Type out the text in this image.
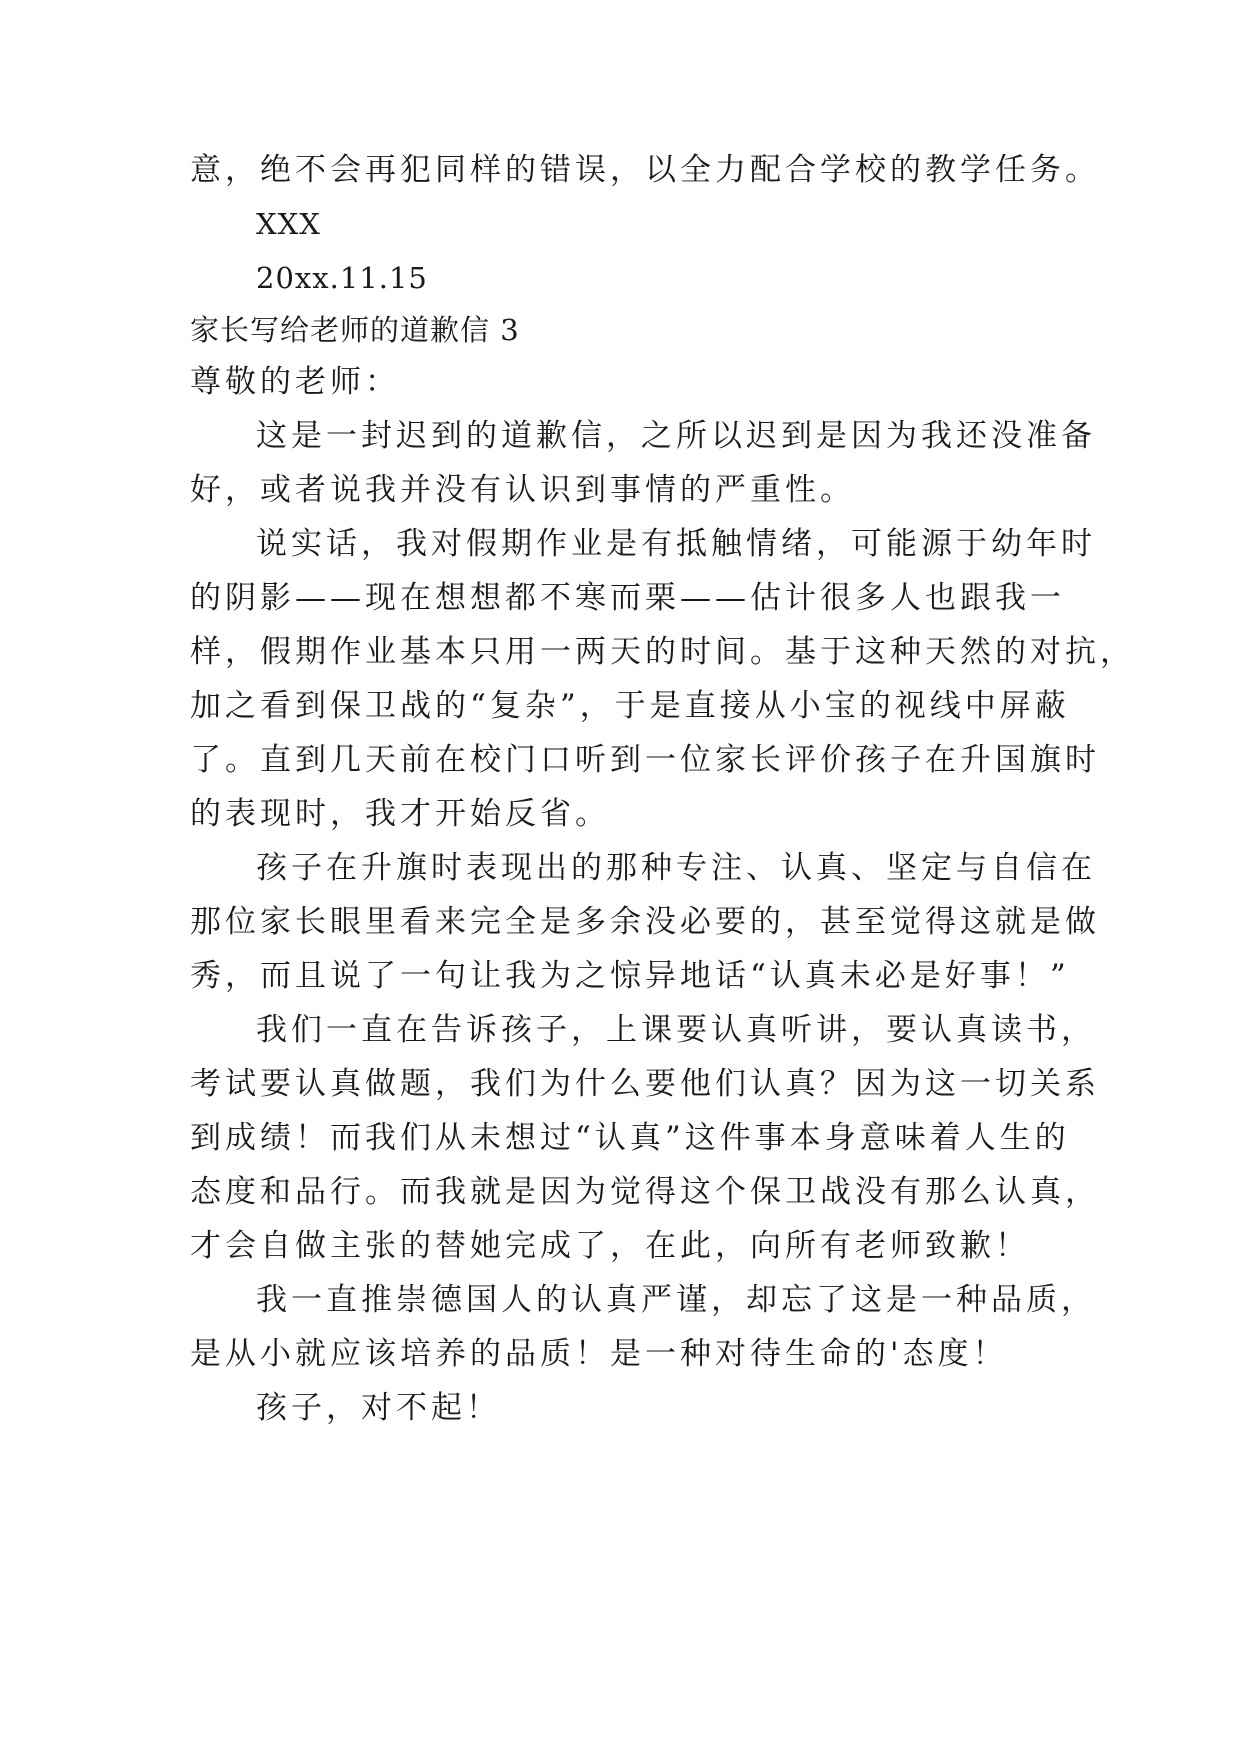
意，绝不会再犯同样的错误，以全力配合学校的教学任务。
XXX
20xx.11.15
家长写给老师的道歉信 3
尊敬的老师：
这是一封迟到的道歉信，之所以迟到是因为我还没准备
好，或者说我并没有认识到事情的严重性。
说实话，我对假期作业是有抵触情绪，可能源于幼年时
的阴影——现在想想都不寒而栗——估计很多人也跟我一
样，假期作业基本只用一两天的时间。基于这种天然的对抗，
加之看到保卫战的“复杂”，于是直接从小宝的视线中屏蔽
了。直到几天前在校门口听到一位家长评价孩子在升国旗时
的表现时，我才开始反省。
孩子在升旗时表现出的那种专注、认真、坚定与自信在
那位家长眼里看来完全是多余没必要的，甚至觉得这就是做
秀，而且说了一句让我为之惊异地话“认真未必是好事！”
我们一直在告诉孩子，上课要认真听讲，要认真读书，
考试要认真做题，我们为什么要他们认真？因为这一切关系
到成绩！而我们从未想过“认真”这件事本身意味着人生的
态度和品行。而我就是因为觉得这个保卫战没有那么认真，
才会自做主张的替她完成了，在此，向所有老师致歉！
我一直推崇德国人的认真严谨，却忘了这是一种品质，
是从小就应该培养的品质！是一种对待生命的'态度！
孩子，对不起！
